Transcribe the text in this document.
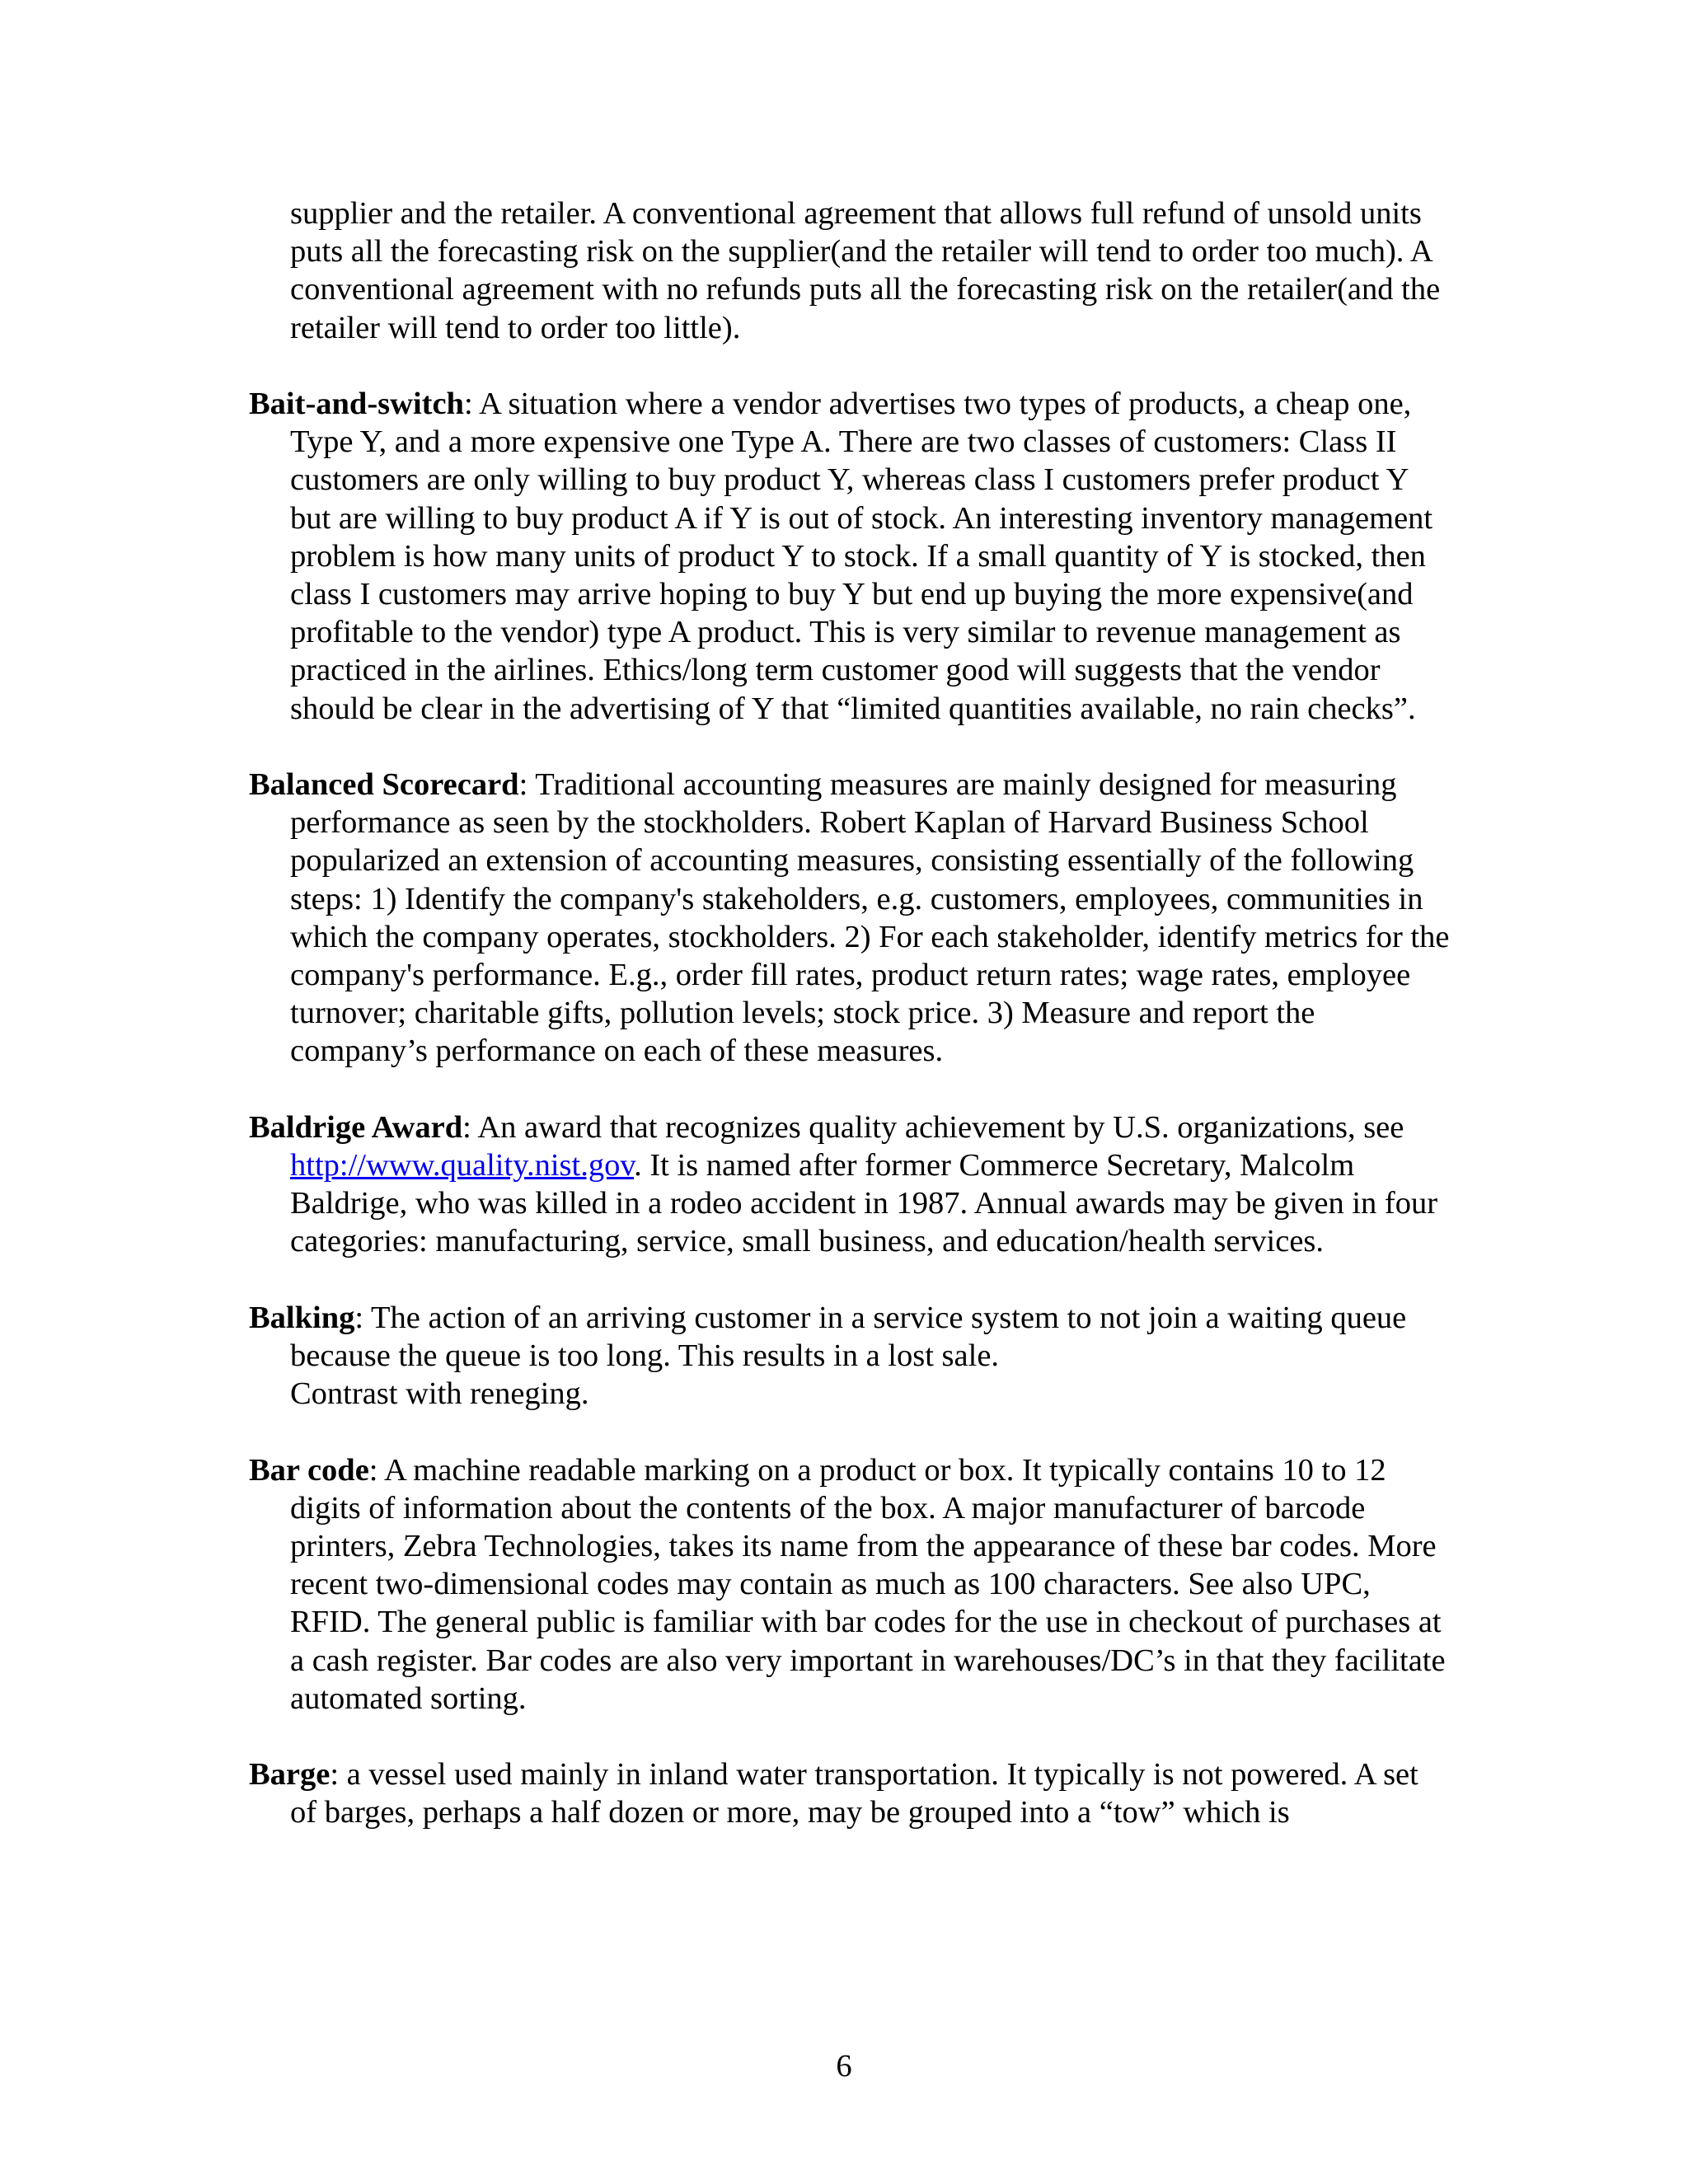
supplier and the retailer. A conventional agreement that allows full refund of unsold units puts all the forecasting risk on the supplier(and the retailer will tend to order too much). A conventional agreement with no refunds puts all the forecasting risk on the retailer(and the retailer will tend to order too little).

Bait-and-switch: A situation where a vendor advertises two types of products, a cheap one, Type Y, and a more expensive one Type A. There are two classes of customers: Class II customers are only willing to buy product Y, whereas class I customers prefer product Y but are willing to buy product A if Y is out of stock. An interesting inventory management problem is how many units of product Y to stock. If a small quantity of Y is stocked, then class I customers may arrive hoping to buy Y but end up buying the more expensive(and profitable to the vendor) type A product. This is very similar to revenue management as practiced in the airlines. Ethics/long term customer good will suggests that the vendor should be clear in the advertising of Y that “limited quantities available, no rain checks”.

Balanced Scorecard: Traditional accounting measures are mainly designed for measuring performance as seen by the stockholders. Robert Kaplan of Harvard Business School popularized an extension of accounting measures, consisting essentially of the following steps: 1) Identify the company's stakeholders, e.g. customers, employees, communities in which the company operates, stockholders. 2) For each stakeholder, identify metrics for the company's performance. E.g., order fill rates, product return rates; wage rates, employee turnover; charitable gifts, pollution levels; stock price. 3) Measure and report the company’s performance on each of these measures.

Baldrige Award: An award that recognizes quality achievement by U.S. organizations, see http://www.quality.nist.gov. It is named after former Commerce Secretary, Malcolm Baldrige, who was killed in a rodeo accident in 1987. Annual awards may be given in four categories: manufacturing, service, small business, and education/health services.

Balking: The action of an arriving customer in a service system to not join a waiting queue because the queue is too long. This results in a lost sale.
Contrast with reneging.

Bar code: A machine readable marking on a product or box. It typically contains 10 to 12 digits of information about the contents of the box. A major manufacturer of barcode printers, Zebra Technologies, takes its name from the appearance of these bar codes. More recent two-dimensional codes may contain as much as 100 characters. See also UPC, RFID. The general public is familiar with bar codes for the use in checkout of purchases at a cash register. Bar codes are also very important in warehouses/DC’s in that they facilitate automated sorting.

Barge: a vessel used mainly in inland water transportation. It typically is not powered. A set of barges, perhaps a half dozen or more, may be grouped into a “tow” which is

6
